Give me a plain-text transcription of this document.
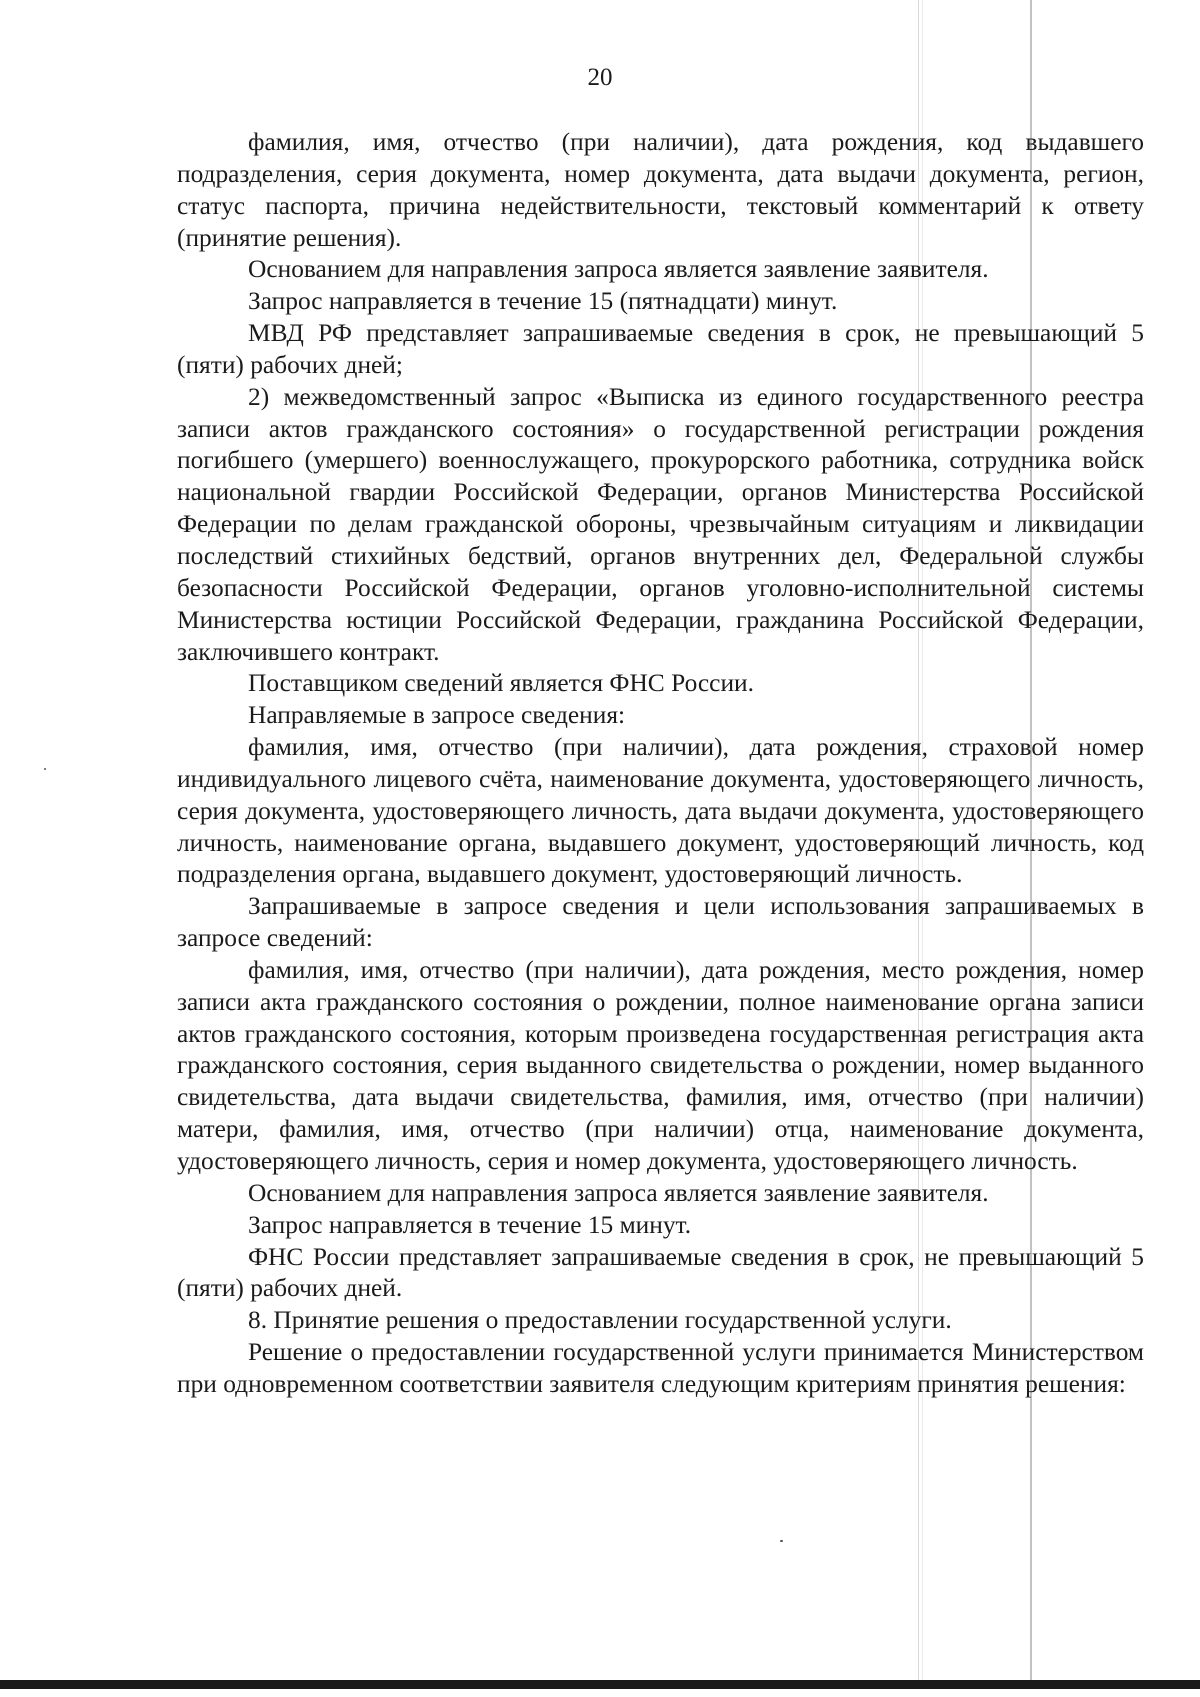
20

фамилия, имя, отчество (при наличии), дата рождения, код выдавшего подразделения, серия документа, номер документа, дата выдачи документа, регион, статус паспорта, причина недействительности, текстовый комментарий к ответу (принятие решения).

Основанием для направления запроса является заявление заявителя.

Запрос направляется в течение 15 (пятнадцати) минут.

МВД РФ представляет запрашиваемые сведения в срок, не превышающий 5 (пяти) рабочих дней;

2) межведомственный запрос «Выписка из единого государственного реестра записи актов гражданского состояния» о государственной регистрации рождения погибшего (умершего) военнослужащего, прокурорского работника, сотрудника войск национальной гвардии Российской Федерации, органов Министерства Российской Федерации по делам гражданской обороны, чрезвычайным ситуациям и ликвидации последствий стихийных бедствий, органов внутренних дел, Федеральной службы безопасности Российской Федерации, органов уголовно-исполнительной системы Министерства юстиции Российской Федерации, гражданина Российской Федерации, заключившего контракт.

Поставщиком сведений является ФНС России.

Направляемые в запросе сведения:

фамилия, имя, отчество (при наличии), дата рождения, страховой номер индивидуального лицевого счёта, наименование документа, удостоверяющего личность, серия документа, удостоверяющего личность, дата выдачи документа, удостоверяющего личность, наименование органа, выдавшего документ, удостоверяющий личность, код подразделения органа, выдавшего документ, удостоверяющий личность.

Запрашиваемые в запросе сведения и цели использования запрашиваемых в запросе сведений:

фамилия, имя, отчество (при наличии), дата рождения, место рождения, номер записи акта гражданского состояния о рождении, полное наименование органа записи актов гражданского состояния, которым произведена государственная регистрация акта гражданского состояния, серия выданного свидетельства о рождении, номер выданного свидетельства, дата выдачи свидетельства, фамилия, имя, отчество (при наличии) матери, фамилия, имя, отчество (при наличии) отца, наименование документа, удостоверяющего личность, серия и номер документа, удостоверяющего личность.

Основанием для направления запроса является заявление заявителя.

Запрос направляется в течение 15 минут.

ФНС России представляет запрашиваемые сведения в срок, не превышающий 5 (пяти) рабочих дней.

8. Принятие решения о предоставлении государственной услуги.

Решение о предоставлении государственной услуги принимается Министерством при одновременном соответствии заявителя следующим критериям принятия решения:
